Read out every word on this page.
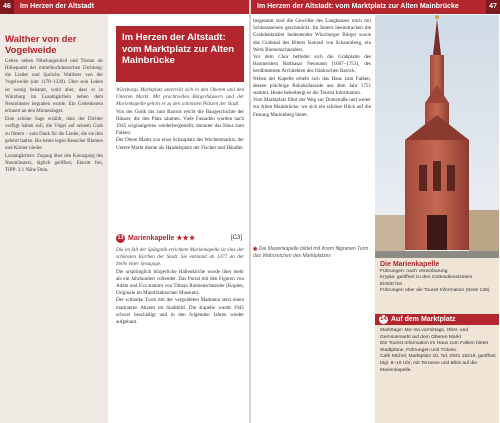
46	Im Herzen der Altstadt
Walther von der Vogelweide

Gelten neben Nibelungenlied und Tristan als Höhepunkt der mittelhochdeutschen Dichtung: die Lieder und Sprüche Walthers von der Vogelweide (um 1170–1230). Über sein Leben ist wenig bekannt, wohl aber, dass er in Würzburg im Lusamgärtlein neben dem Neumünster begraben wurde. Ein Gedenkstein erinnert an den Minnesänger.

Eine schöne Sage erzählt, dass der Dichter verfügt haben soll, die Vögel auf seinem Grab zu füttern – zum Dank für die Lieder, die sie ihm gelehrt hatten. Bis heute legen Besucher Blumen und Körner nieder.

Lusamgärtlein: Zugang über den Kreuzgang des Neumünsters, täglich geöffnet, Eintritt frei, TIPP: 3.1 Nähe Dom.

Im Herzen der Altstadt: vom Marktplatz zur Alten Mainbrücke

Würzburgs Marktplatz unterteilt sich in den Oberen und den Unteren Markt. Mit prachtvollen Bürgerhäusern und der Marienkapelle gehört er zu den schönsten Plätzen der Stadt.

Von der Gotik bis zum Barock reicht die Baugeschichte der Häuser, die den Platz säumen. Viele Fassaden wurden nach 1945 originalgetreu wiederhergestellt, darunter das Haus zum Falken.

Der Obere Markt war einst Schauplatz des Wochenmarkts, der Untere Markt diente als Handelsplatz der Fischer und Händler.

13 Marienkapelle ★★★	[C3]

Die im Stil der Spätgotik errichtete Marienkapelle ist eine der schönsten Kirchen der Stadt. Sie entstand ab 1377 an der Stelle einer Synagoge.

Die ursprünglich bürgerliche Hallenkirche wurde über mehr als ein Jahrhundert vollendet. Das Portal mit den Figuren von Adam und Eva stammt von Tilman Riemenschneider (Kopien, Originale im Mainfränkischen Museum).

Der schlanke Turm mit der vergoldeten Madonna setzt einen markanten Akzent im Stadtbild. Die Kapelle wurde 1945 schwer beschädigt und in den folgenden Jahren wieder aufgebaut.

Im Herzen der Altstadt: vom Marktplatz zur Alten Mainbrücke	47

Insgesamt sind die Gewölbe des Langhauses reich mit Schlusssteinen geschmückt. Im Innern beeindrucken die Grabdenkmäler bedeutender Würzburger Bürger sowie das Grabmal des Ritters Konrad von Schaumberg, ein Werk Riemenschneiders.

Vor dem Chor befindet sich die Grabplatte des Baumeisters Balthasar Neumann (1687–1753), des berühmtesten Architekten des fränkischen Barock.

Neben der Kapelle erhebt sich das Haus zum Falken, dessen prächtige Rokokofassade aus dem Jahr 1751 stammt. Heute beherbergt es die Tourist Information.

Vom Marktplatz führt der Weg zur Domstraße und weiter zur Alten Mainbrücke, wo sich ein schöner Blick auf die Festung Marienberg bietet.

◉ Die Marienkapelle bildet mit ihrem filigranen Turm das Wahrzeichen des Marktplatzes
Die Marienkapelle
Führungen: nach Vereinbarung
Krypta: geöffnet zu den Gottesdienstzeiten
Eintritt frei
Führungen über die Tourist Information (Seite 136)
14 Auf dem Marktplatz
Markttage: Mo–Sa vormittags, Obst- und Gemüsemarkt auf dem Oberen Markt
Die Tourist Information im Haus zum Falken bietet Stadtpläne, Führungen und Tickets.
Café Michel, Marktplatz 10, Tel. 0931 15219, geöffnet tägl. 8–19 Uhr, mit Terrasse und Blick auf die Marienkapelle.
